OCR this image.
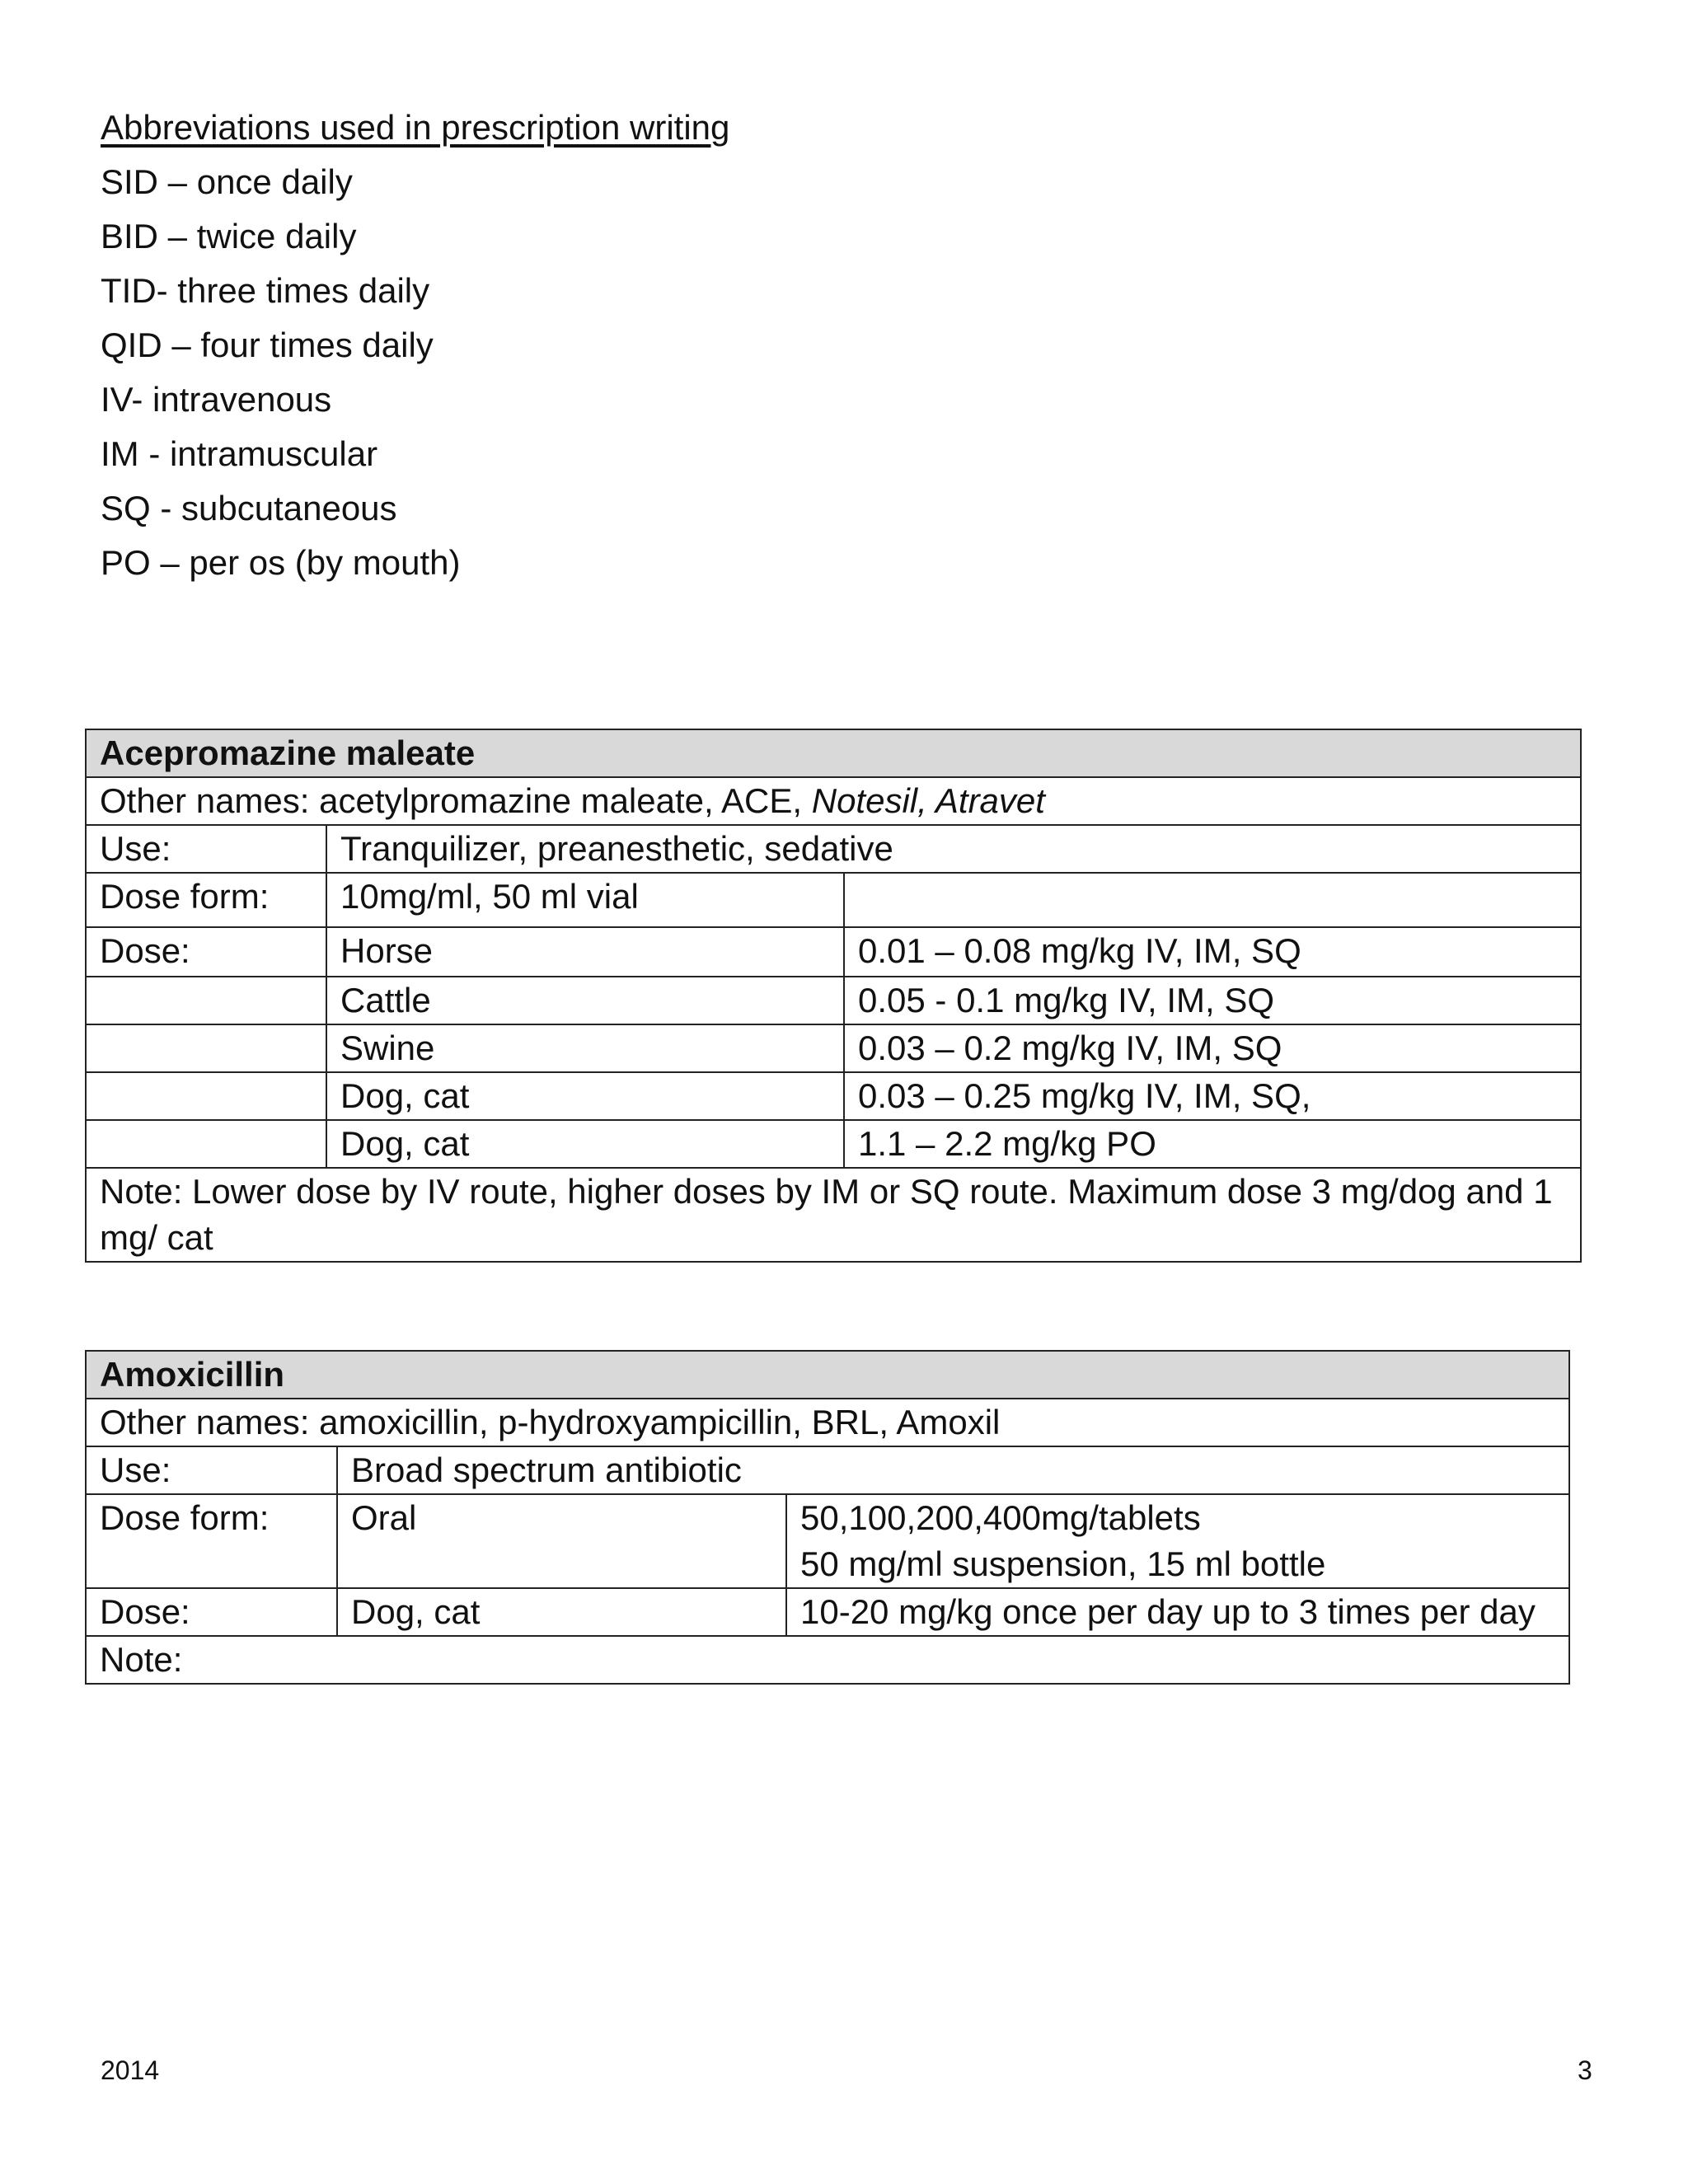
Abbreviations used in prescription writing
SID – once daily
BID – twice daily
TID- three times daily
QID – four times daily
IV- intravenous
IM - intramuscular
SQ - subcutaneous
PO – per os (by mouth)
Acepromazine maleate		
Other names: acetylpromazine maleate, ACE, Notesil, Atravet		
Use:	Tranquilizer, preanesthetic, sedative	
Dose form:	10mg/ml, 50 ml vial	
Dose:	Horse	0.01 – 0.08 mg/kg IV, IM, SQ
	Cattle	0.05 - 0.1 mg/kg IV, IM, SQ
	Swine	0.03 – 0.2 mg/kg IV, IM, SQ
	Dog, cat	0.03 – 0.25 mg/kg IV, IM, SQ,
	Dog, cat	1.1 – 2.2 mg/kg PO
Note: Lower dose by IV route, higher doses by IM or SQ route. Maximum dose 3 mg/dog and 1 mg/ cat		
Amoxicillin		
Other names: amoxicillin, p-hydroxyampicillin, BRL, Amoxil		
Use:	Broad spectrum antibiotic	
Dose form:	Oral	50,100,200,400mg/tablets
50 mg/ml suspension, 15 ml bottle

Dose:	Dog, cat	10-20 mg/kg once per day up to 3 times per day
Note:		
2014	3
